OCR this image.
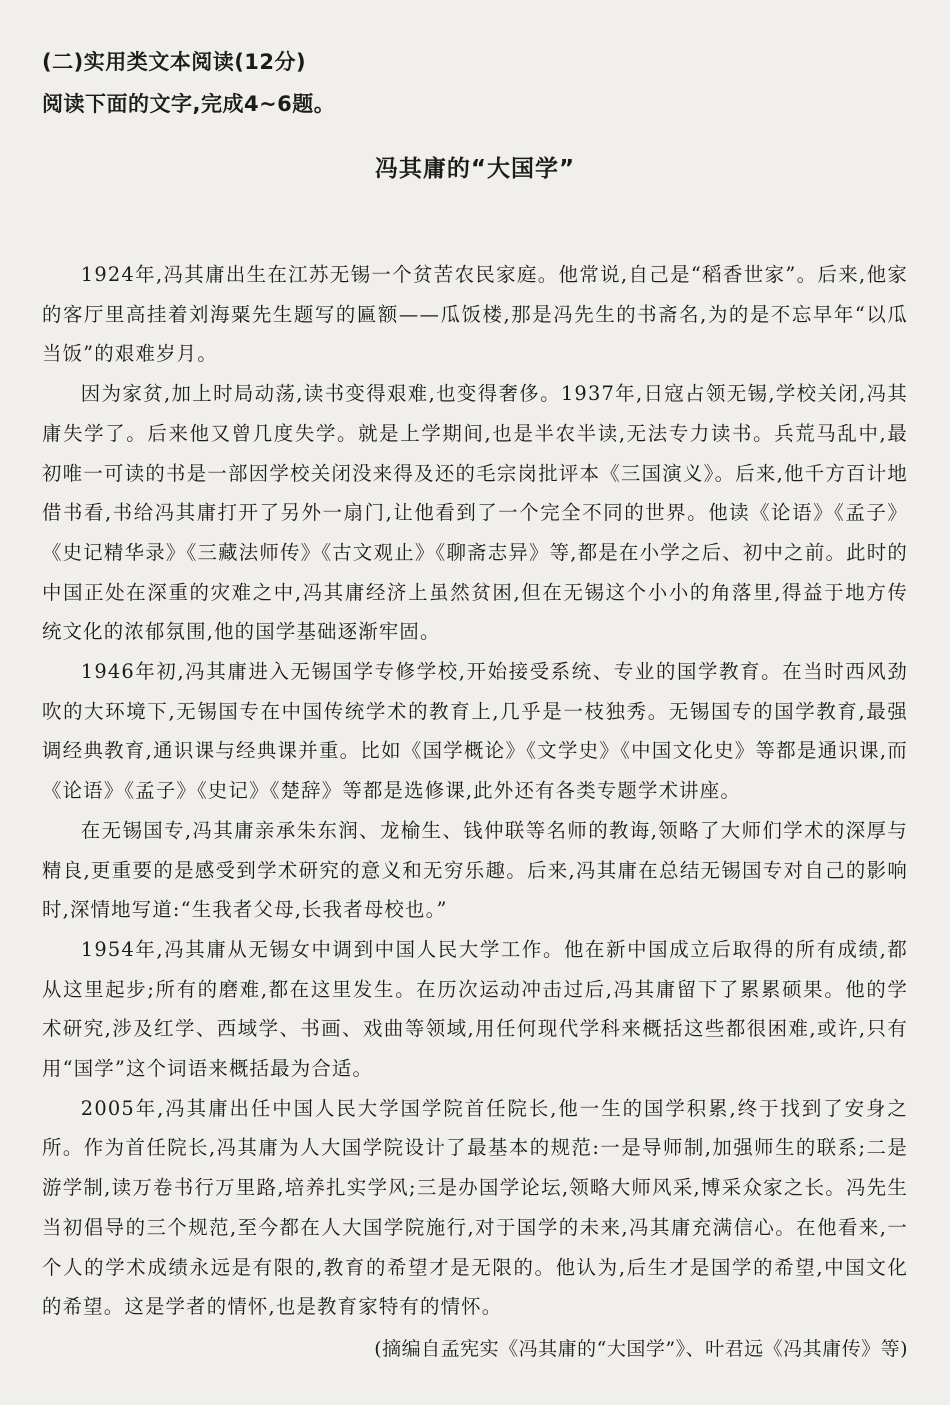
(二)实用类文本阅读(12分)
阅读下面的文字,完成4~6题。
冯其庸的“大国学”

1924年,冯其庸出生在江苏无锡一个贫苦农民家庭。他常说,自己是“稻香世家”。后来,他家的客厅里高挂着刘海粟先生题写的匾额——瓜饭楼,那是冯先生的书斋名,为的是不忘早年“以瓜当饭”的艰难岁月。

因为家贫,加上时局动荡,读书变得艰难,也变得奢侈。1937年,日寇占领无锡,学校关闭,冯其庸失学了。后来他又曾几度失学。就是上学期间,也是半农半读,无法专力读书。兵荒马乱中,最初唯一可读的书是一部因学校关闭没来得及还的毛宗岗批评本《三国演义》。后来,他千方百计地借书看,书给冯其庸打开了另外一扇门,让他看到了一个完全不同的世界。他读《论语》《孟子》《史记精华录》《三藏法师传》《古文观止》《聊斋志异》等,都是在小学之后、初中之前。此时的中国正处在深重的灾难之中,冯其庸经济上虽然贫困,但在无锡这个小小的角落里,得益于地方传统文化的浓郁氛围,他的国学基础逐渐牢固。

1946年初,冯其庸进入无锡国学专修学校,开始接受系统、专业的国学教育。在当时西风劲吹的大环境下,无锡国专在中国传统学术的教育上,几乎是一枝独秀。无锡国专的国学教育,最强调经典教育,通识课与经典课并重。比如《国学概论》《文学史》《中国文化史》等都是通识课,而《论语》《孟子》《史记》《楚辞》等都是选修课,此外还有各类专题学术讲座。

在无锡国专,冯其庸亲承朱东润、龙榆生、钱仲联等名师的教诲,领略了大师们学术的深厚与精良,更重要的是感受到学术研究的意义和无穷乐趣。后来,冯其庸在总结无锡国专对自己的影响时,深情地写道:“生我者父母,长我者母校也。”

1954年,冯其庸从无锡女中调到中国人民大学工作。他在新中国成立后取得的所有成绩,都从这里起步;所有的磨难,都在这里发生。在历次运动冲击过后,冯其庸留下了累累硕果。他的学术研究,涉及红学、西域学、书画、戏曲等领域,用任何现代学科来概括这些都很困难,或许,只有用“国学”这个词语来概括最为合适。

2005年,冯其庸出任中国人民大学国学院首任院长,他一生的国学积累,终于找到了安身之所。作为首任院长,冯其庸为人大国学院设计了最基本的规范:一是导师制,加强师生的联系;二是游学制,读万卷书行万里路,培养扎实学风;三是办国学论坛,领略大师风采,博采众家之长。冯先生当初倡导的三个规范,至今都在人大国学院施行,对于国学的未来,冯其庸充满信心。在他看来,一个人的学术成绩永远是有限的,教育的希望才是无限的。他认为,后生才是国学的希望,中国文化的希望。这是学者的情怀,也是教育家特有的情怀。

(摘编自孟宪实《冯其庸的“大国学”》、叶君远《冯其庸传》等)
